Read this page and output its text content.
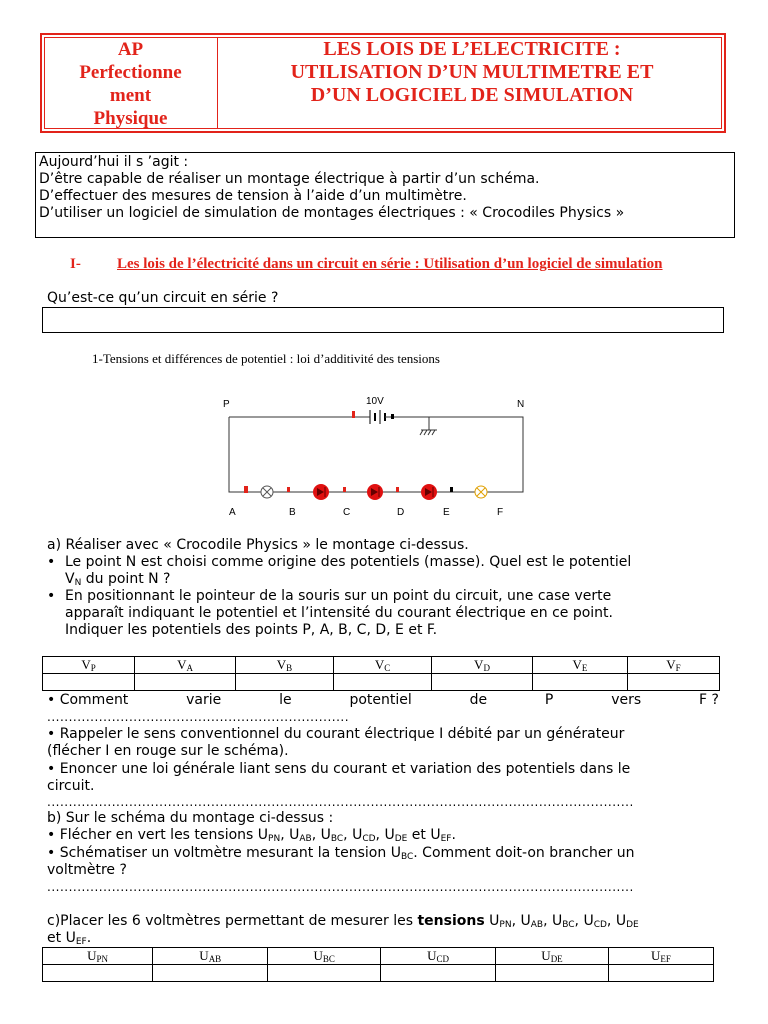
AP
Perfectionne
ment
Physique
LES LOIS DE L’ELECTRICITE :
UTILISATION D’UN MULTIMETRE ET
D’UN LOGICIEL DE SIMULATION
Aujourd’hui il s ’agit :
D’être capable de réaliser un montage électrique à partir d’un schéma.
D’effectuer des mesures de tension à l’aide d’un multimètre.
D’utiliser un logiciel de simulation de montages électriques : « Crocodiles Physics »
I- Les lois de l’électricité dans un circuit en série : Utilisation d’un logiciel de simulation
Qu’est-ce qu’un circuit en série ?
1-Tensions et différences de potentiel : loi d’additivité des tensions
10V
P	N
A	B	C	D	E	F
a) Réaliser avec « Crocodile Physics » le montage ci-dessus.
• Le point N est choisi comme origine des potentiels (masse). Quel est le potentiel
$V_N$ du point N ?
• En positionnant le pointeur de la souris sur un point du circuit, une case verte
apparaît indiquant le potentiel et l’intensité du courant électrique en ce point.
Indiquer les potentiels des points P, A, B, C, D, E et F.
$V_P$	$V_A$	$V_B$	$V_C$	$V_D$	$V_E$	$V_F$

• Comment	varie	le	potentiel	de	P	vers	F ?
......................................................................
• Rappeler le sens conventionnel du courant électrique I débité par un générateur
(flécher I en rouge sur le schéma).
• Enoncer une loi générale liant sens du courant et variation des potentiels dans le
circuit.
........................................................................................................................................
b) Sur le schéma du montage ci-dessus :
• Flécher en vert les tensions $U_{PN}$, $U_{AB}$, $U_{BC}$, $U_{CD}$, $U_{DE}$ et $U_{EF}$.
• Schématiser un voltmètre mesurant la tension $U_{BC}$. Comment doit-on brancher un
voltmètre ?
........................................................................................................................................
c)Placer les 6 voltmètres permettant de mesurer les tensions $U_{PN}$, $U_{AB}$, $U_{BC}$, $U_{CD}$, $U_{DE}$
et $U_{EF}$.
$U_{PN}$	$U_{AB}$	$U_{BC}$	$U_{CD}$	$U_{DE}$	$U_{EF}$
